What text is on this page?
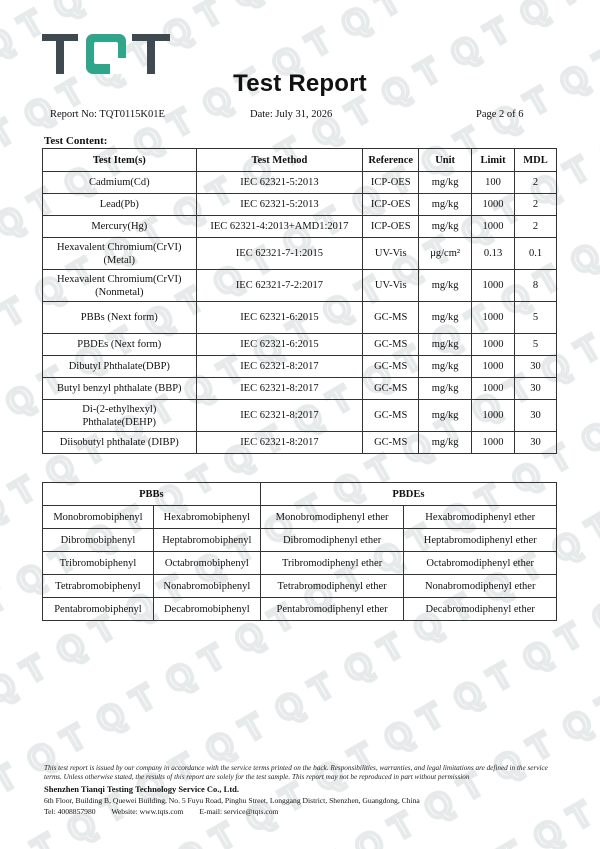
Test Report
Report No: TQT0115K01E	Date: July 31, 2026	Page 2 of 6
Test Content:
Test Item(s)	Test Method	Reference	Unit	Limit	MDL
Cadmium(Cd)	IEC 62321-5:2013	ICP-OES	mg/kg	100	2
Lead(Pb)	IEC 62321-5:2013	ICP-OES	mg/kg	1000	2
Mercury(Hg)	IEC 62321-4:2013+AMD1:2017	ICP-OES	mg/kg	1000	2
Hexavalent Chromium(CrVI) (Metal)	IEC 62321-7-1:2015	UV-Vis	μg/cm²	0.13	0.1
Hexavalent Chromium(CrVI) (Nonmetal)	IEC 62321-7-2:2017	UV-Vis	mg/kg	1000	8
PBBs (Next form)	IEC 62321-6:2015	GC-MS	mg/kg	1000	5
PBDEs (Next form)	IEC 62321-6:2015	GC-MS	mg/kg	1000	5
Dibutyl Phthalate(DBP)	IEC 62321-8:2017	GC-MS	mg/kg	1000	30
Butyl benzyl phthalate (BBP)	IEC 62321-8:2017	GC-MS	mg/kg	1000	30
Di-(2-ethylhexyl) Phthalate(DEHP)	IEC 62321-8:2017	GC-MS	mg/kg	1000	30
Diisobutyl phthalate (DIBP)	IEC 62321-8:2017	GC-MS	mg/kg	1000	30
PBBs		PBDEs	
Monobromobiphenyl	Hexabromobiphenyl	Monobromodiphenyl ether	Hexabromodiphenyl ether
Dibromobiphenyl	Heptabromobiphenyl	Dibromodiphenyl ether	Heptabromodiphenyl ether
Tribromobiphenyl	Octabromobiphenyl	Tribromodiphenyl ether	Octabromodiphenyl ether
Tetrabromobiphenyl	Nonabromobiphenyl	Tetrabromodiphenyl ether	Nonabromodiphenyl ether
Pentabromobiphenyl	Decabromobiphenyl	Pentabromodiphenyl ether	Decabromodiphenyl ether
This test report is issued by our company in accordance with the service terms printed on the back. Responsibilities, warranties, and legal limitations are defined in the service terms. Unless otherwise stated, the results of this report are solely for the test sample. This report may not be reproduced in part without permission
Shenzhen Tianqi Testing Technology Service Co., Ltd.
6th Floor, Building B, Quewei Building, No. 5 Fuyu Road, Pinghu Street, Longgang District, Shenzhen, Guangdong, China
Tel: 4008857980 Website: www.tqts.com E-mail: service@tqts.com
